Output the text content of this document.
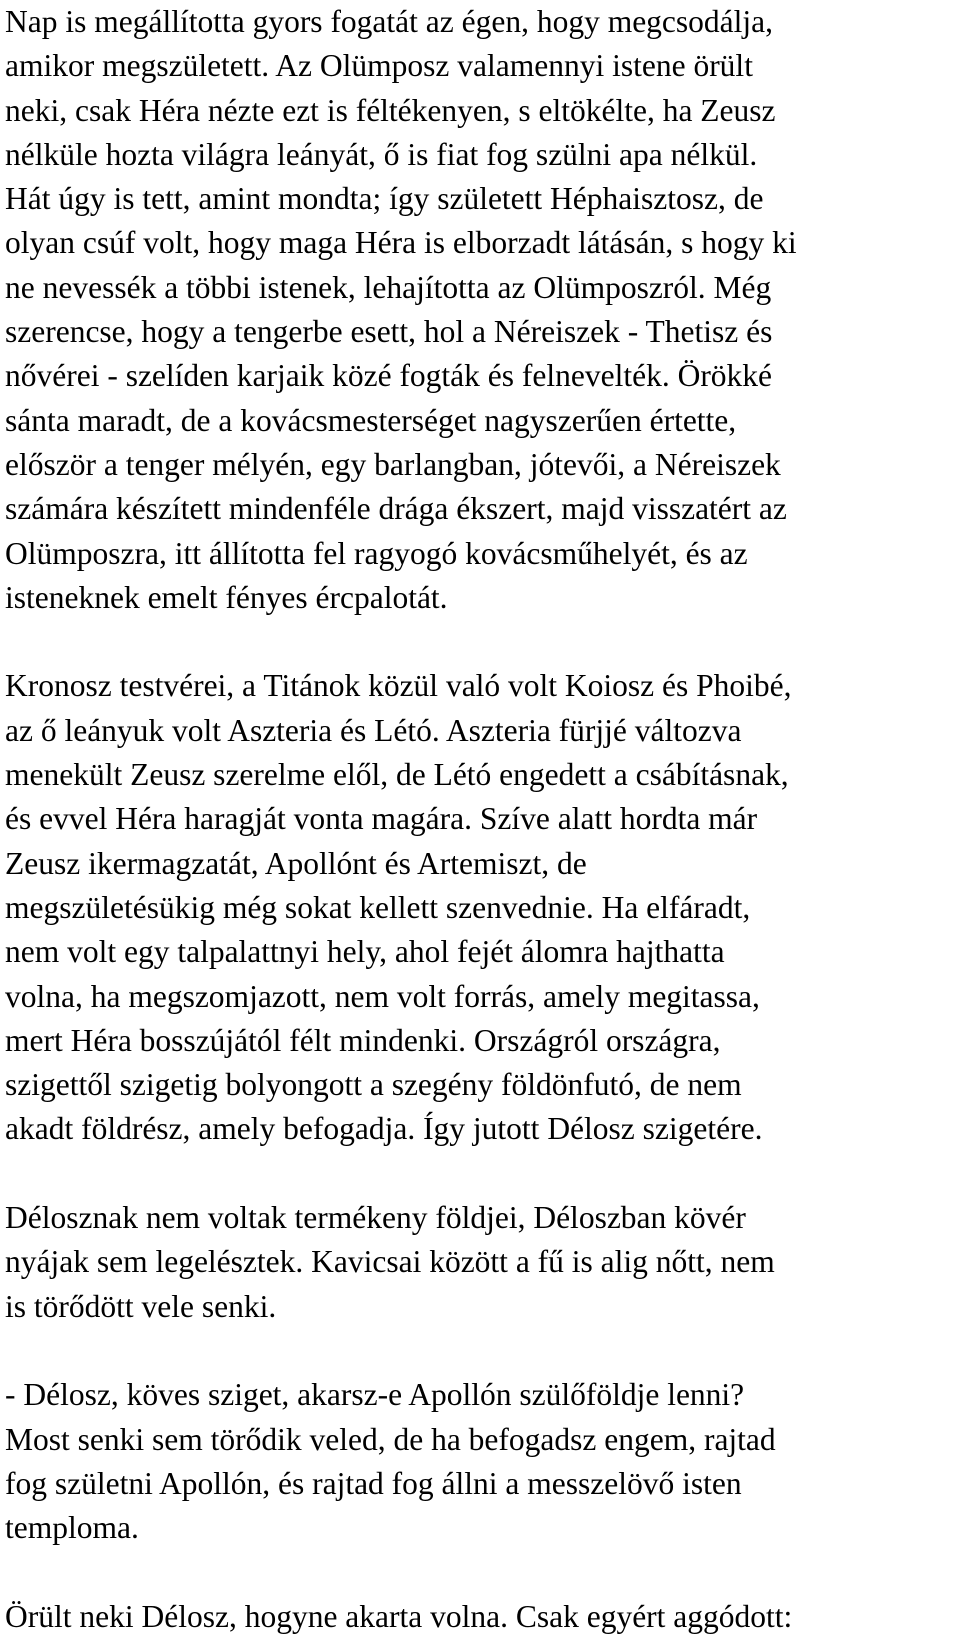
Nap is megállította gyors fogatát az égen, hogy megcsodálja,
amikor megszületett. Az Olümposz valamennyi istene örült
neki, csak Héra nézte ezt is féltékenyen, s eltökélte, ha Zeusz
nélküle hozta világra leányát, ő is fiat fog szülni apa nélkül.
Hát úgy is tett, amint mondta; így született Héphaisztosz, de
olyan csúf volt, hogy maga Héra is elborzadt látásán, s hogy ki
ne nevessék a többi istenek, lehajította az Olümposzról. Még
szerencse, hogy a tengerbe esett, hol a Néreiszek - Thetisz és
nővérei - szelíden karjaik közé fogták és felnevelték. Örökké
sánta maradt, de a kovácsmesterséget nagyszerűen értette,
először a tenger mélyén, egy barlangban, jótevői, a Néreiszek
számára készített mindenféle drága ékszert, majd visszatért az
Olümposzra, itt állította fel ragyogó kovácsműhelyét, és az
isteneknek emelt fényes ércpalotát.
Kronosz testvérei, a Titánok közül való volt Koiosz és Phoibé,
az ő leányuk volt Aszteria és Létó. Aszteria fürjjé változva
menekült Zeusz szerelme elől, de Létó engedett a csábításnak,
és evvel Héra haragját vonta magára. Szíve alatt hordta már
Zeusz ikermagzatát, Apollónt és Artemiszt, de
megszületésükig még sokat kellett szenvednie. Ha elfáradt,
nem volt egy talpalattnyi hely, ahol fejét álomra hajthatta
volna, ha megszomjazott, nem volt forrás, amely megitassa,
mert Héra bosszújától félt mindenki. Országról országra,
szigettől szigetig bolyongott a szegény földönfutó, de nem
akadt földrész, amely befogadja. Így jutott Délosz szigetére.
Délosznak nem voltak termékeny földjei, Déloszban kövér
nyájak sem legelésztek. Kavicsai között a fű is alig nőtt, nem
is törődött vele senki.
- Délosz, köves sziget, akarsz-e Apollón szülőföldje lenni?
Most senki sem törődik veled, de ha befogadsz engem, rajtad
fog születni Apollón, és rajtad fog állni a messzelövő isten
temploma.
Örült neki Délosz, hogyne akarta volna. Csak egyért aggódott:
